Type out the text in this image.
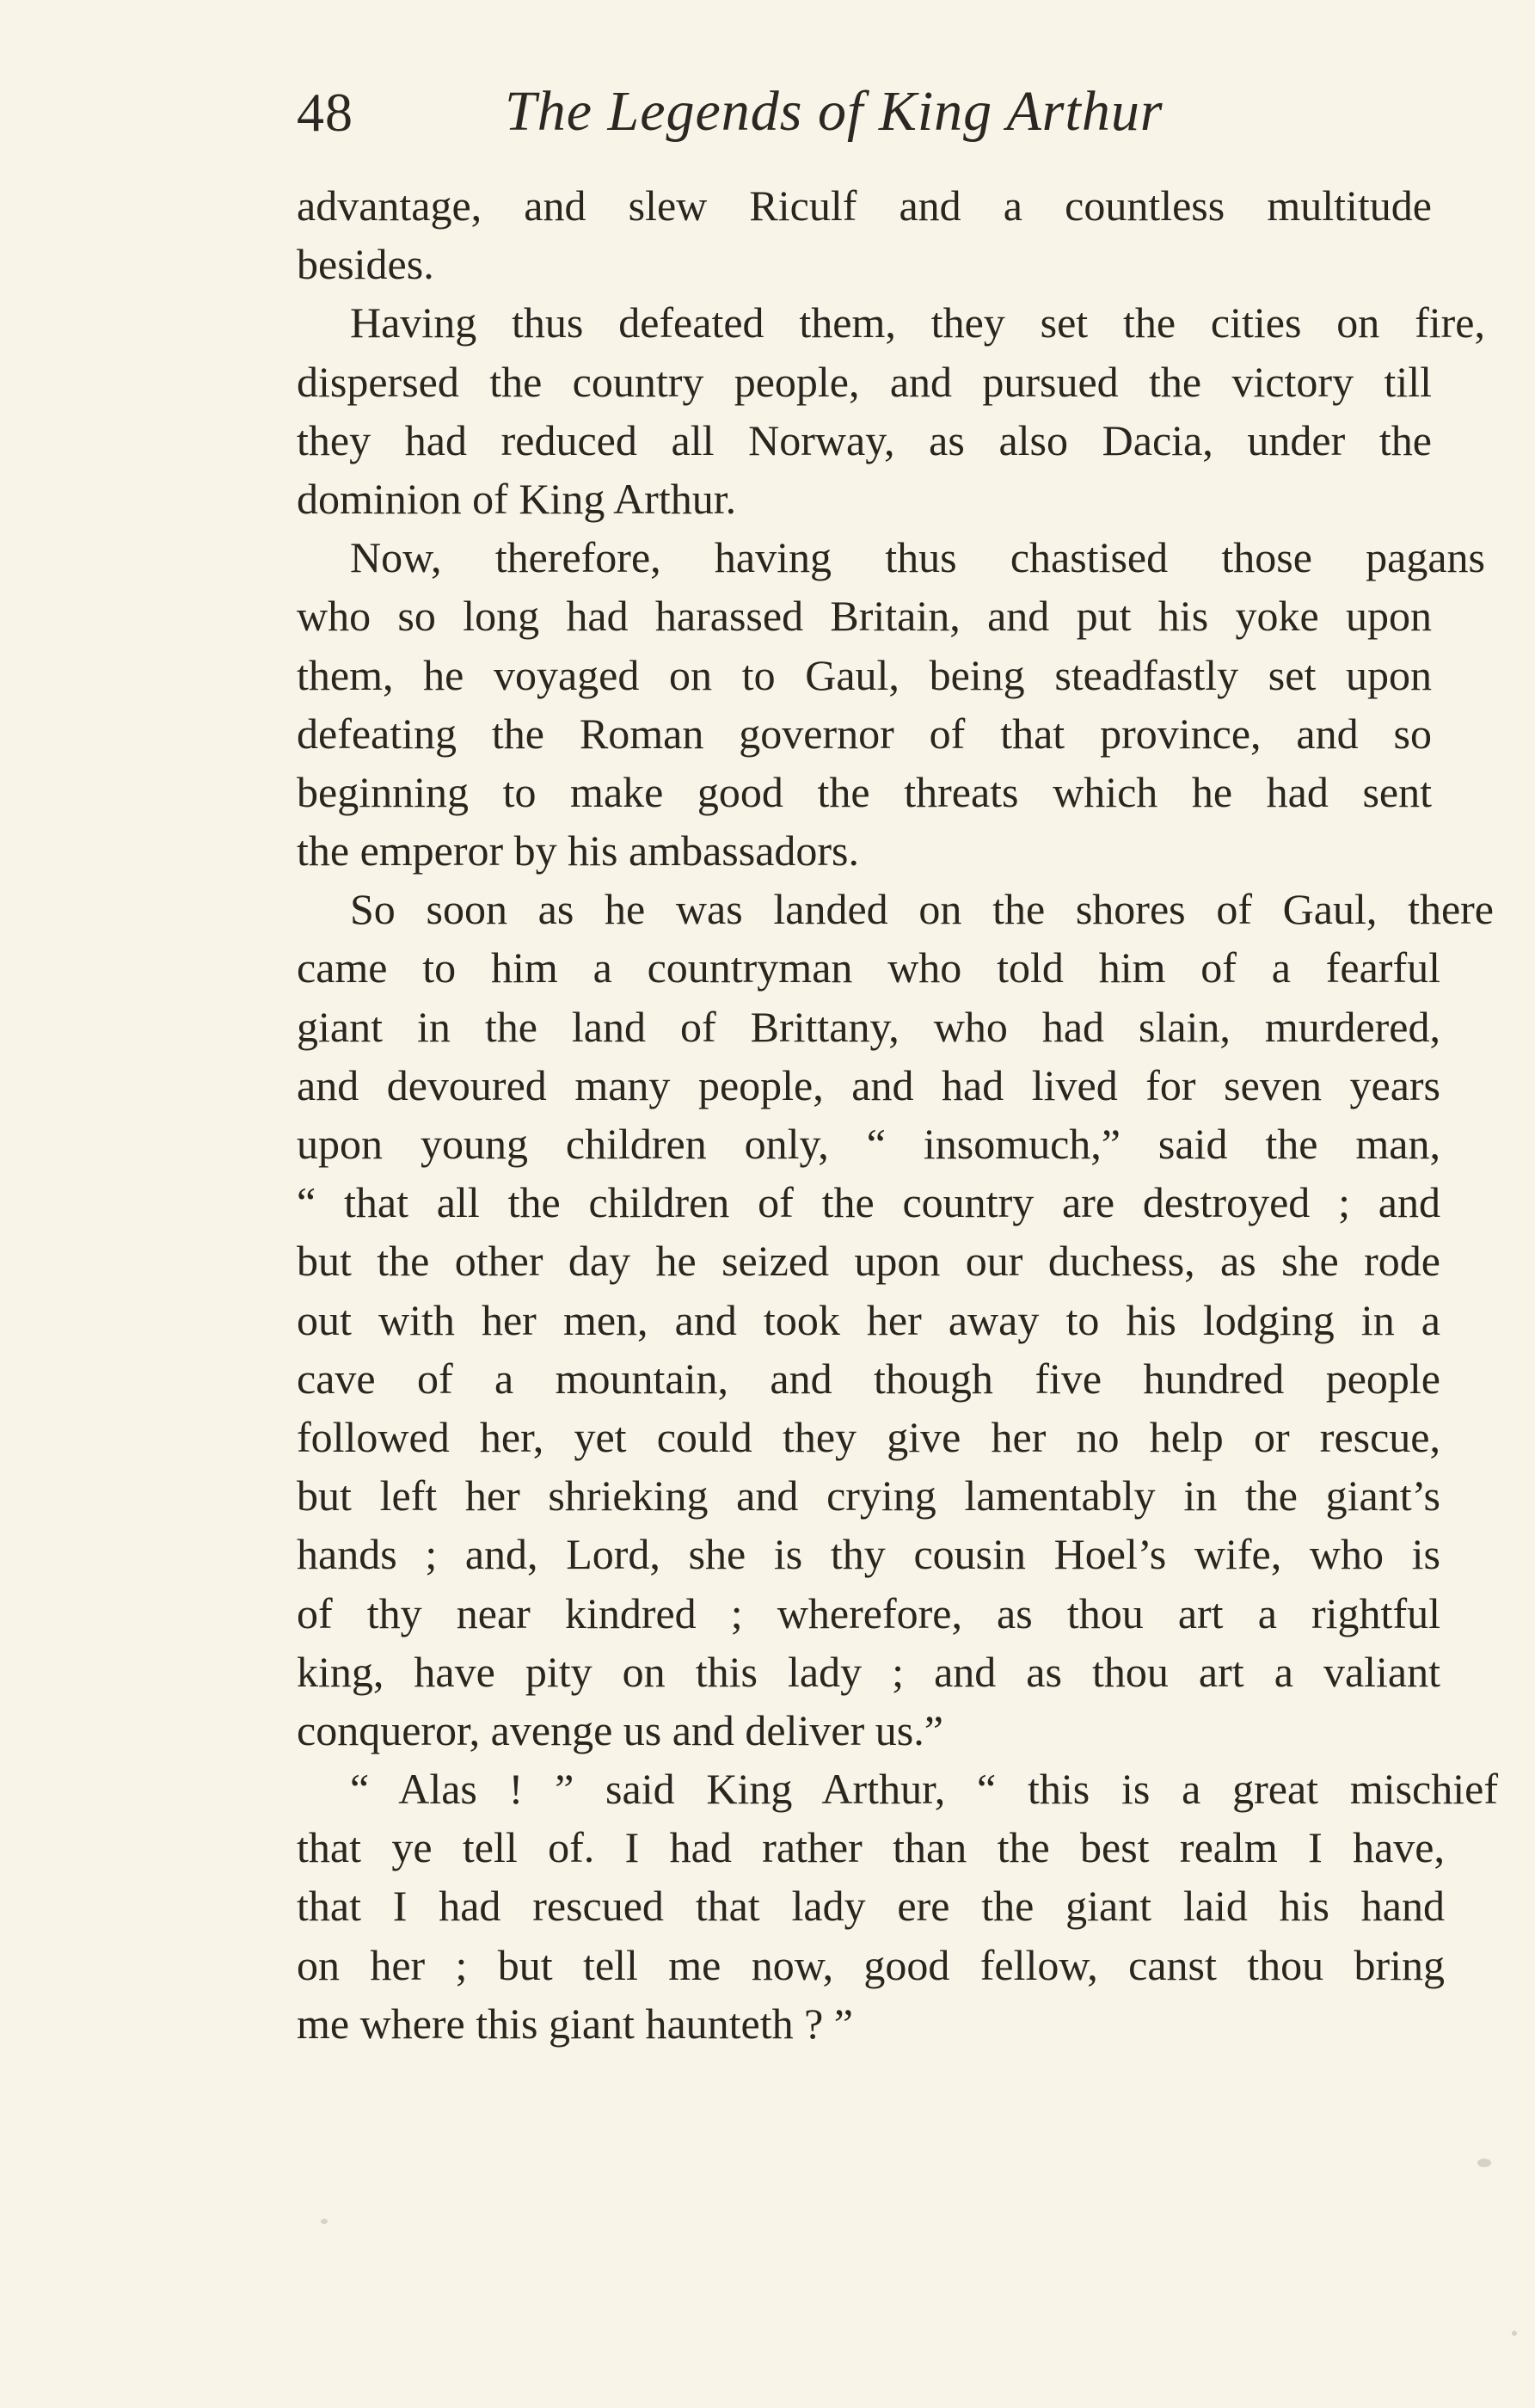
48	The Legends of King Arthur
advantage, and slew Riculf and a countless multitude
besides.
Having thus defeated them, they set the cities on fire,
dispersed the country people, and pursued the victory till
they had reduced all Norway, as also Dacia, under the
dominion of King Arthur.
Now, therefore, having thus chastised those pagans
who so long had harassed Britain, and put his yoke upon
them, he voyaged on to Gaul, being steadfastly set upon
defeating the Roman governor of that province, and so
beginning to make good the threats which he had sent
the emperor by his ambassadors.
So soon as he was landed on the shores of Gaul, there
came to him a countryman who told him of a fearful
giant in the land of Brittany, who had slain, murdered,
and devoured many people, and had lived for seven years
upon young children only, “ insomuch,” said the man,
“ that all the children of the country are destroyed ; and
but the other day he seized upon our duchess, as she rode
out with her men, and took her away to his lodging in a
cave of a mountain, and though five hundred people
followed her, yet could they give her no help or rescue,
but left her shrieking and crying lamentably in the giant’s
hands ; and, Lord, she is thy cousin Hoel’s wife, who is
of thy near kindred ; wherefore, as thou art a rightful
king, have pity on this lady ; and as thou art a valiant
conqueror, avenge us and deliver us.”
“ Alas ! ” said King Arthur, “ this is a great mischief
that ye tell of. I had rather than the best realm I have,
that I had rescued that lady ere the giant laid his hand
on her ; but tell me now, good fellow, canst thou bring
me where this giant haunteth ? ”
